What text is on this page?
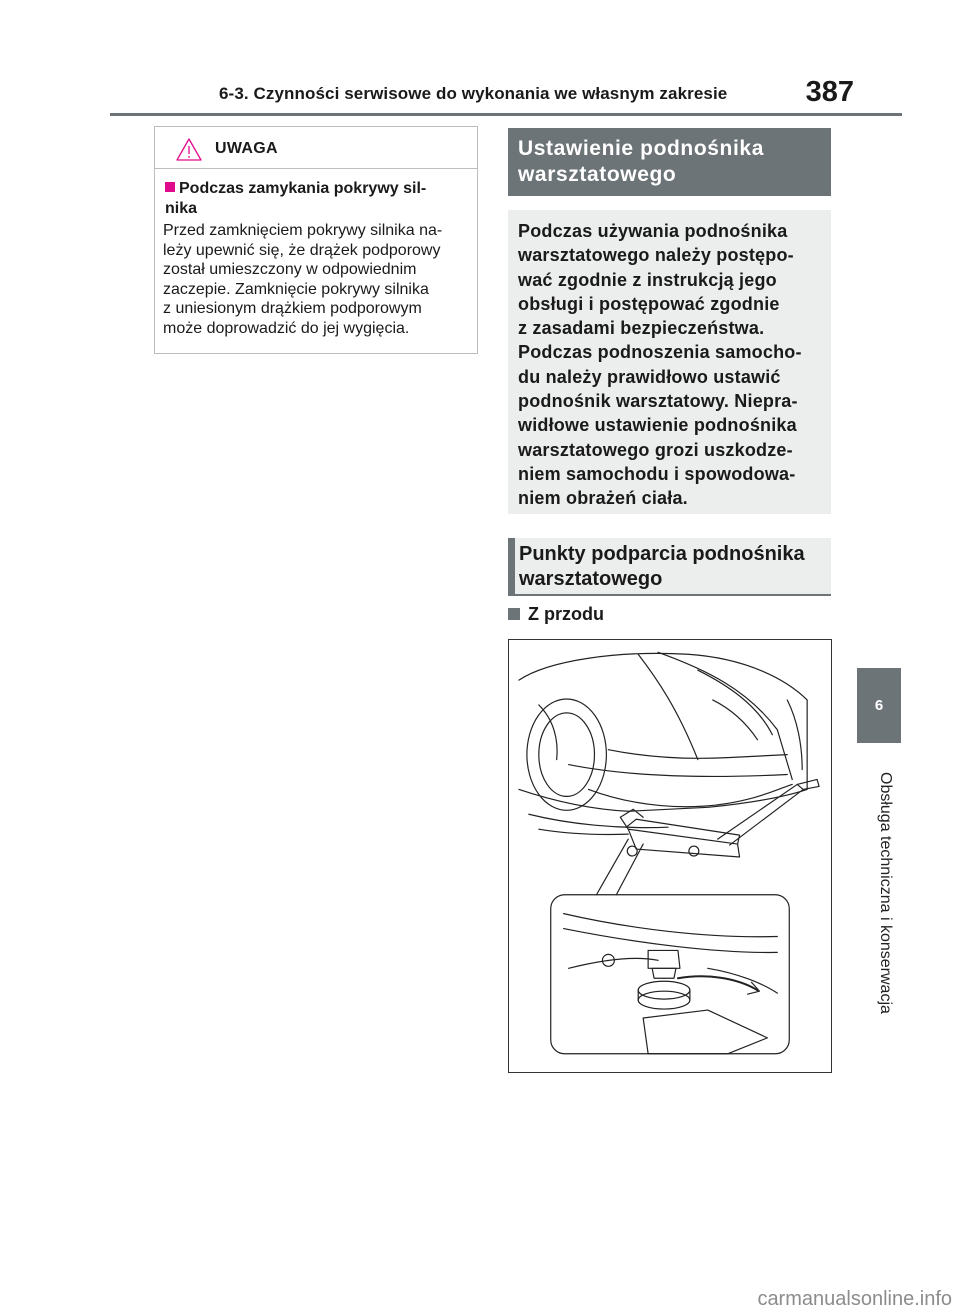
6-3. Czynności serwisowe do wykonania we własnym zakresie	387
6
Obsługa techniczna i konserwacja
UWAGA
Podczas zamykania pokrywy sil-
nika
Przed zamknięciem pokrywy silnika na-
leży upewnić się, że drążek podporowy
został umieszczony w odpowiednim
zaczepie. Zamknięcie pokrywy silnika
z uniesionym drążkiem podporowym
może doprowadzić do jej wygięcia.
Ustawienie podnośnika
warsztatowego
Podczas używania podnośnika
warsztatowego należy postępo-
wać zgodnie z instrukcją jego
obsługi i postępować zgodnie
z zasadami bezpieczeństwa.
Podczas podnoszenia samocho-
du należy prawidłowo ustawić
podnośnik warsztatowy. Niepra-
widłowe ustawienie podnośnika
warsztatowego grozi uszkodze-
niem samochodu i spowodowa-
niem obrażeń ciała.
Punkty podparcia podnośnika
warsztatowego
Z przodu
carmanualsonline.info
